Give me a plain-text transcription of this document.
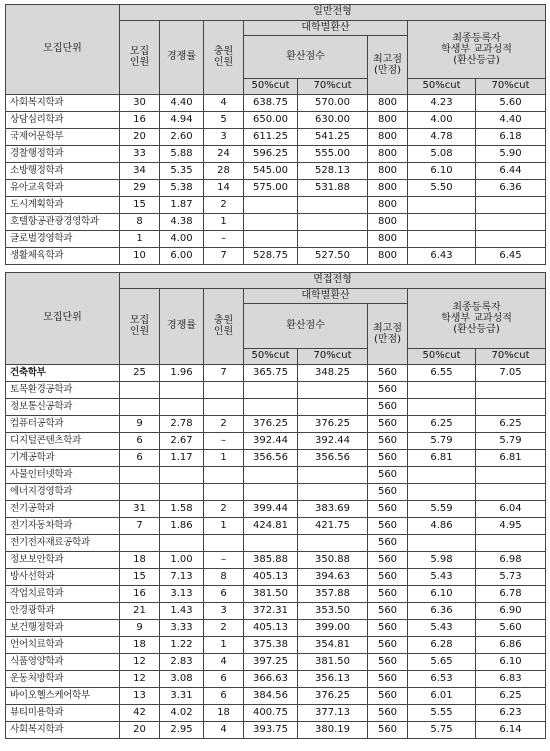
모집단위	일반전형							
	모집
인원	경쟁률	충원
인원	대학별환산			최종등록자
학생부 교과성적
(환산등급)	
				환산점수		최고점
(만점)		
				50%cut	70%cut		50%cut	70%cut
사회복지학과	30	4.40	4	638.75	570.00	800	4.23	5.60
상담심리학과	16	4.94	5	650.00	630.00	800	4.00	4.40
국제어문학부	20	2.60	3	611.25	541.25	800	4.78	6.18
경찰행정학과	33	5.88	24	596.25	555.00	800	5.08	5.90
소방행정학과	34	5.35	28	545.00	528.13	800	6.10	6.44
유아교육학과	29	5.38	14	575.00	531.88	800	5.50	6.36
도시계획학과	15	1.87	2			800		
호텔항공관광경영학과	8	4.38	1			800		
글로벌경영학과	1	4.00	–			800		
생활체육학과	10	6.00	7	528.75	527.50	800	6.43	6.45
모집단위	면접전형							
	모집
인원	경쟁률	충원
인원	대학별환산			최종등록자
학생부 교과성적
(환산등급)	
				환산점수		최고점
(만점)		
				50%cut	70%cut		50%cut	70%cut
건축학부	25	1.96	7	365.75	348.25	560	6.55	7.05
토목환경공학과						560		
정보통신공학과						560		
컴퓨터공학과	9	2.78	2	376.25	376.25	560	6.25	6.25
디지털콘텐츠학과	6	2.67	–	392.44	392.44	560	5.79	5.79
기계공학과	6	1.17	1	356.56	356.56	560	6.81	6.81
사물인터넷학과						560		
에너지경영학과						560		
전기공학과	31	1.58	2	399.44	383.69	560	5.59	6.04
전기자동차학과	7	1.86	1	424.81	421.75	560	4.86	4.95
전기전자재료공학과						560		
정보보안학과	18	1.00	–	385.88	350.88	560	5.98	6.98
방사선학과	15	7.13	8	405.13	394.63	560	5.43	5.73
작업치료학과	16	3.13	6	381.50	357.88	560	6.10	6.78
안경광학과	21	1.43	3	372.31	353.50	560	6.36	6.90
보건행정학과	9	3.33	2	405.13	399.00	560	5.43	5.60
언어치료학과	18	1.22	1	375.38	354.81	560	6.28	6.86
식품영양학과	12	2.83	4	397.25	381.50	560	5.65	6.10
운동처방학과	12	3.08	6	366.63	356.13	560	6.53	6.83
바이오헬스케어학부	13	3.31	6	384.56	376.25	560	6.01	6.25
뷰티미용학과	42	4.02	18	400.75	377.13	560	5.55	6.23
사회복지학과	20	2.95	4	393.75	380.19	560	5.75	6.14
